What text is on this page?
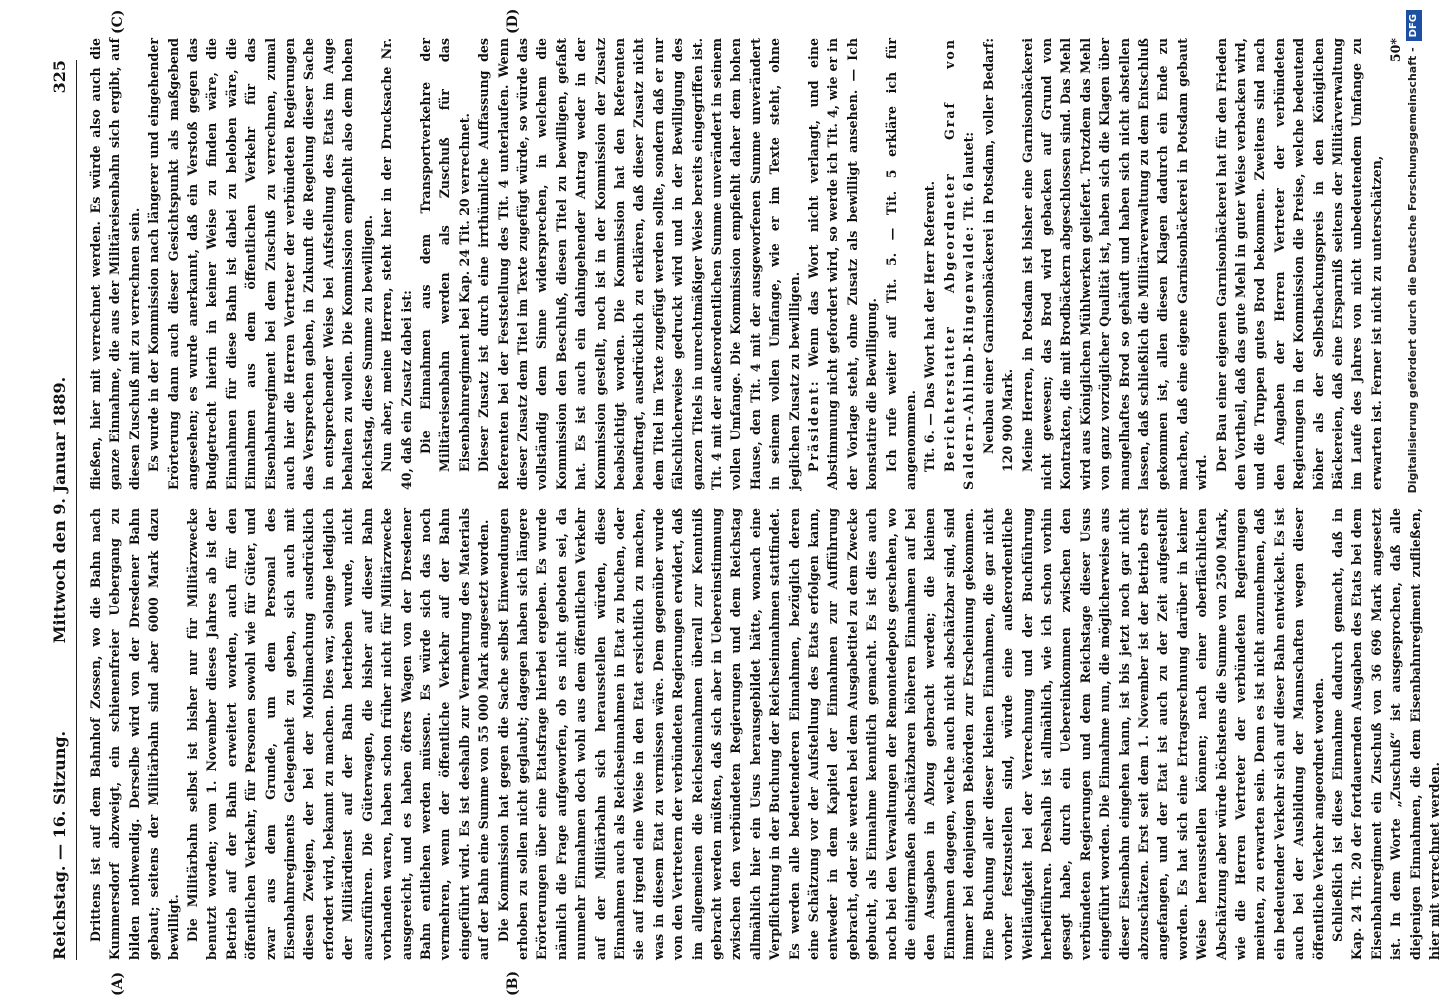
Reichstag. — 16. Sitzung.
Mittwoch den 9. Januar 1889.
325
(A)	(B)
(C)	(D)

Drittens ist auf dem Bahnhof Zossen, wo die Bahn nach Kummersdorf abzweigt, ein schienenfreier Uebergang zu bilden nothwendig. Derselbe wird von der Dresdener Bahn gebaut; seitens der Militärbahn sind aber 6000 Mark dazu bewilligt. Die Militärbahn selbst ist bisher nur für Militärzwecke benutzt worden; vom 1. November dieses Jahres ab ist der Betrieb auf der Bahn erweitert worden, auch für den öffentlichen Verkehr, für Personen sowohl wie für Güter, und zwar aus dem Grunde, um dem Personal des Eisenbahnregiments Gelegenheit zu geben, sich auch mit diesen Zweigen, der bei der Mobilmachung ausdrücklich erfordert wird, bekannt zu machen. Dies war, solange lediglich der Militärdienst auf der Bahn betrieben wurde, nicht auszuführen. Die Güterwagen, die bisher auf dieser Bahn vorhanden waren, haben schon früher nicht für Militärzwecke ausgereicht, und es haben öfters Wagen von der Dresdener Bahn entliehen werden müssen. Es würde sich das noch vermehren, wenn der öffentliche Verkehr auf der Bahn eingeführt wird. Es ist deshalb zur Vermehrung des Materials auf der Bahn eine Summe von 55 000 Mark angesetzt worden. Die Kommission hat gegen die Sache selbst Einwendungen erhoben zu sollen nicht geglaubt; dagegen haben sich längere Erörterungen über eine Etatsfrage hierbei ergeben. Es wurde nämlich die Frage aufgeworfen, ob es nicht geboten sei, da nunmehr Einnahmen doch wohl aus dem öffentlichen Verkehr auf der Militärbahn sich herausstellen würden, diese Einnahmen auch als Reichseinnahmen in Etat zu buchen, oder sie auf irgend eine Weise in den Etat ersichtlich zu machen, was in diesem Etat zu vermissen wäre. Dem gegenüber wurde von den Vertretern der verbündeten Regierungen erwidert, daß im allgemeinen die Reichseinnahmen überall zur Kenntniß gebracht werden müßten, daß sich aber in Uebereinstimmung zwischen den verbündeten Regierungen und dem Reichstag allmählich hier ein Usus herausgebildet hätte, wonach eine Verpflichtung in der Buchung der Reichseinnahmen stattfindet. Es werden alle bedeutenderen Einnahmen, bezüglich deren eine Schätzung vor der Aufstellung des Etats erfolgen kann, entweder in dem Kapitel der Einnahmen zur Aufführung gebracht, oder sie werden bei dem Ausgabetitel zu dem Zwecke gebucht, als Einnahme kenntlich gemacht. Es ist dies auch noch bei den Verwaltungen der Remontedepots geschehen, wo die einigermaßen abschätzbaren höheren Einnahmen auf bei den Ausgaben in Abzug gebracht werden; die kleinen Einnahmen dagegen, welche auch nicht abschätzbar sind, sind immer bei denjenigen Behörden zur Erscheinung gekommen. Eine Buchung aller dieser kleinen Einnahmen, die gar nicht vorher festzustellen sind, würde eine außerordentliche Weitläufigkeit bei der Verrechnung und der Buchführung herbeiführen. Deshalb ist allmählich, wie ich schon vorhin gesagt habe, durch ein Uebereinkommen zwischen den verbündeten Regierungen und dem Reichstage dieser Usus eingeführt worden. Die Einnahme nun, die möglicherweise aus dieser Eisenbahn eingehen kann, ist bis jetzt noch gar nicht abzuschätzen. Erst seit dem 1. November ist der Betrieb erst angefangen, und der Etat ist auch zu der Zeit aufgestellt worden. Es hat sich eine Ertragsrechnung darüber in keiner Weise herausstellen können; nach einer oberflächlichen Abschätzung aber würde höchstens die Summe von 2500 Mark, wie die Herren Vertreter der verbündeten Regierungen meinten, zu erwarten sein. Denn es ist nicht anzunehmen, daß ein bedeutender Verkehr sich auf dieser Bahn entwickelt. Es ist auch bei der Ausbildung der Mannschaften wegen dieser öffentliche Verkehr angeordnet worden. Schließlich ist diese Einnahme dadurch gemacht, daß in Kap. 24 Tit. 20 der fortdauernden Ausgaben des Etats bei dem Eisenbahnregiment ein Zuschuß von 36 696 Mark angesetzt ist. In dem Worte „Zuschuß“ ist ausgesprochen, daß alle diejenigen Einnahmen, die dem Eisenbahnregiment zufließen, hier mit verrechnet werden.

fließen, hier mit verrechnet werden. Es würde also auch die ganze Einnahme, die aus der Militäreisenbahn sich ergibt, auf diesen Zuschuß mit zu verrechnen sein. Es wurde in der Kommission nach längerer und eingehender Erörterung dann auch dieser Gesichtspunkt als maßgebend angesehen; es wurde anerkannt, daß ein Verstoß gegen das Budgetrecht hierin in keiner Weise zu finden wäre, die Einnahmen für diese Bahn ist dabei zu beloben wäre, die Einnahmen aus dem öffentlichen Verkehr für das Eisenbahnregiment bei dem Zuschuß zu verrechnen, zumal auch hier die Herren Vertreter der verbündeten Regierungen das Versprechen gaben, in Zukunft die Regelung dieser Sache in entsprechender Weise bei Aufstellung des Etats im Auge behalten zu wollen. Die Kommission empfiehlt also dem hohen Reichstag, diese Summe zu bewilligen. Nun aber, meine Herren, steht hier in der Drucksache Nr. 40, daß ein Zusatz dabei ist: Die Einnahmen aus dem Transportverkehre der Militäreisenbahn werden als Zuschuß für das Eisenbahnregiment bei Kap. 24 Tit. 20 verrechnet. Dieser Zusatz ist durch eine irrthümliche Auffassung des Referenten bei der Feststellung des Tit. 4 unterlaufen. Wenn dieser Zusatz dem Titel im Texte zugefügt würde, so würde das vollständig dem Sinne widersprechen, in welchem die Kommission den Beschluß, diesen Titel zu bewilligen, gefaßt hat. Es ist auch ein dahingehender Antrag weder in der Kommission gestellt, noch ist in der Kommission der Zusatz beabsichtigt worden. Die Kommission hat den Referenten beauftragt, ausdrücklich zu erklären, daß dieser Zusatz nicht dem Titel im Texte zugefügt werden sollte, sondern daß er nur fälschlicherweise gedruckt wird und in der Bewilligung des ganzen Titels in unrechtmäßiger Weise bereits eingegriffen ist. Tit. 4 mit der außerordentlichen Summe unverändert in seinem vollen Umfange. Die Kommission empfiehlt daher dem hohen Hause, den Tit. 4 mit der ausgeworfenen Summe unverändert in seinem vollen Umfange, wie er im Texte steht, ohne jeglichen Zusatz zu bewilligen. Präsident: Wenn das Wort nicht verlangt, und eine Abstimmung nicht gefordert wird, so werde ich Tit. 4, wie er in der Vorlage steht, ohne Zusatz als bewilligt ansehen. — Ich konstatire die Bewilligung. Ich rufe weiter auf Tit. 5. — Tit. 5 erkläre ich für angenommen. Tit. 6. — Das Wort hat der Herr Referent. Berichterstatter Abgeordneter Graf von Saldern-Ahlimb-Ringenwalde: Tit. 6 lautet: Neubau einer Garnisonbäckerei in Potsdam, voller Bedarf: 120 900 Mark. Meine Herren, in Potsdam ist bisher eine Garnisonbäckerei nicht gewesen; das Brod wird gebacken auf Grund von Kontrakten, die mit Brodbäckern abgeschlossen sind. Das Mehl wird aus Königlichen Mühlwerken geliefert. Trotzdem das Mehl von ganz vorzüglicher Qualität ist, haben sich die Klagen über mangelhaftes Brod so gehäuft und haben sich nicht abstellen lassen, daß schließlich die Militärverwaltung zu dem Entschluß gekommen ist, allen diesen Klagen dadurch ein Ende zu machen, daß eine eigene Garnisonbäckerei in Potsdam gebaut wird.

Der Bau einer eigenen Garnisonbäckerei hat für den Frieden den Vortheil, daß das gute Mehl in guter Weise verbacken wird, und die Truppen gutes Brod bekommen. Zweitens sind nach den Angaben der Herren Vertreter der verbündeten Regierungen in der Kommission die Preise, welche bedeutend höher als der Selbstbackungspreis in den Königlichen Bäckereien, daß eine Ersparniß seitens der Militärverwaltung im Laufe des Jahres von nicht unbedeutendem Umfange zu erwarten ist. Ferner ist nicht zu unterschätzen,

50* Digitalisierung gefördert durch die Deutsche Forschungsgemeinschaft -DFG
